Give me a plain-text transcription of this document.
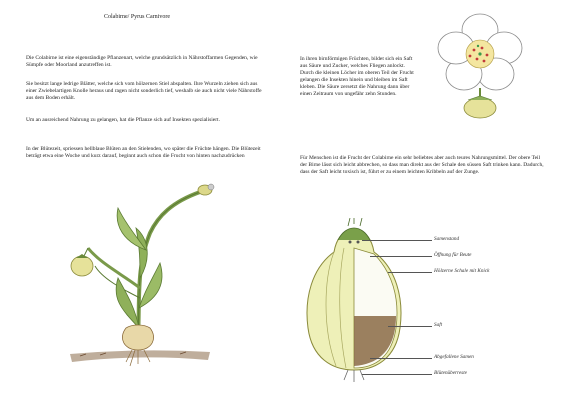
Colabirne/ Pyrus Carnivore
Die Colabirne ist eine eigenständige Pflanzenart, welche grundsätzlich in Nährstoffarmen Gegenden, wie Sümpfe oder Moorland anzutreffen ist.
Sie besitzt lange ledrige Blätter, welche sich vom hölzernen Stiel abspalten. Ihre Wurzeln ziehen sich aus einer Zwiebelartigen Knolle heraus und ragen nicht sonderlich tief, weshalb sie auch nicht viele Nährstoffe aus dem Boden erhält.
Um an ausreichend Nahrung zu gelangen, hat die Pflanze sich auf Insekten spezialisiert.
In der Blütezeit, spriessen hellblaue Blüten an den Stielenden, wo später die Früchte hängen. Die Blütezeit beträgt etwa eine Woche und kurz darauf, beginnt auch schon die Frucht von hinten nachzudrücken
In ihren birnförmigen Früchten, bildet sich ein Saft aus Säure und Zucker, welches Fliegen anlockt. Durch die kleinen Löcher im oberen Teil der Frucht gelangen die Insekten hinein und bleiben im Saft kleben. Die Säure zersetzt die Nahrung dann über einen Zeitraum von ungefähr zehn Stunden.
Für Menschen ist die Frucht der Colabirne ein sehr beliebtes aber auch teures Nahrungsmittel. Der obere Teil der Birne lässt sich leicht abbrechen, so dass man direkt aus der Schale den süssen Saft trinken kann. Dadurch, dass der Saft leicht toxisch ist, führt er zu einem leichten Kribbeln auf der Zunge.
Samenstand
Öffnung für Beute
Hölzerne Schale mit Knick
Saft
Abgefallene Samen
Blütenüberreste
